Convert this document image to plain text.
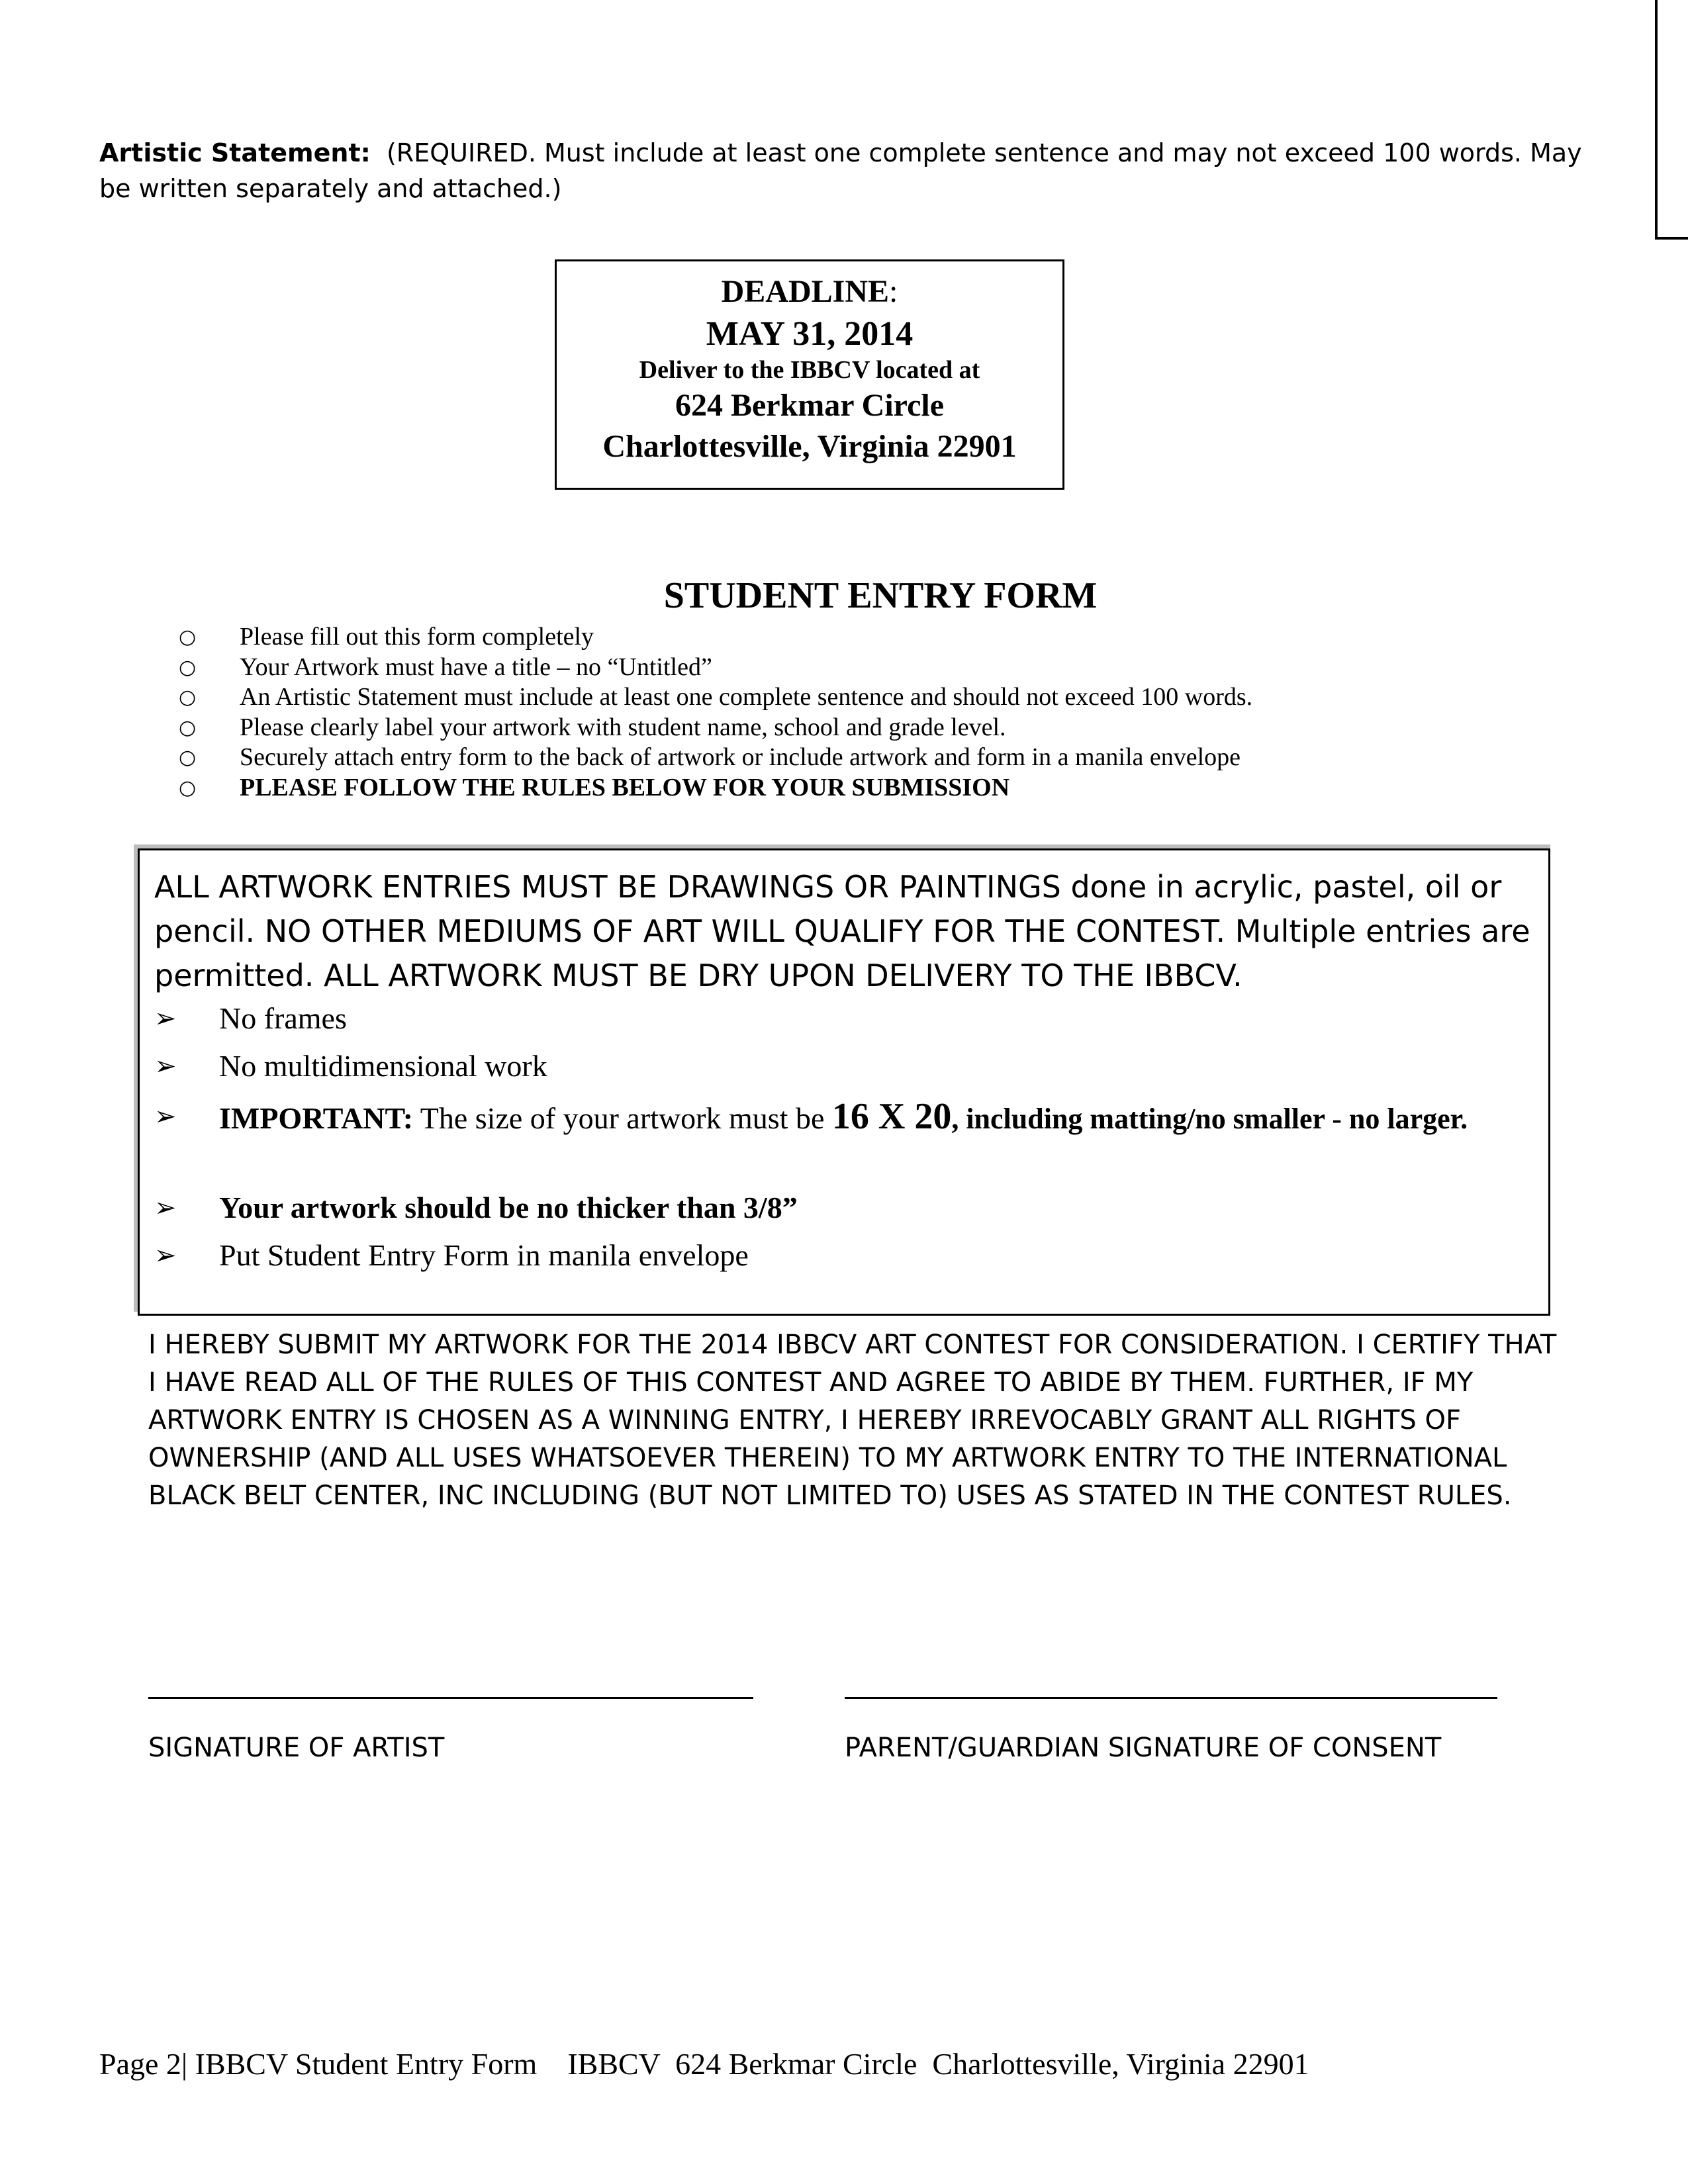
Artistic Statement: (REQUIRED. Must include at least one complete sentence and may not exceed 100 words. May be written separately and attached.)
DEADLINE:
MAY 31, 2014
Deliver to the IBBCV located at
624 Berkmar Circle
Charlottesville, Virginia 22901
STUDENT ENTRY FORM
○ Please fill out this form completely
○ Your Artwork must have a title – no “Untitled”
○ An Artistic Statement must include at least one complete sentence and should not exceed 100 words.
○ Please clearly label your artwork with student name, school and grade level.
○ Securely attach entry form to the back of artwork or include artwork and form in a manila envelope
○ PLEASE FOLLOW THE RULES BELOW FOR YOUR SUBMISSION
ALL ARTWORK ENTRIES MUST BE DRAWINGS OR PAINTINGS done in acrylic, pastel, oil or pencil. NO OTHER MEDIUMS OF ART WILL QUALIFY FOR THE CONTEST. Multiple entries are permitted. ALL ARTWORK MUST BE DRY UPON DELIVERY TO THE IBBCV.
➢ No frames
➢ No multidimensional work
➢ IMPORTANT: The size of your artwork must be 16 X 20, including matting/no smaller - no larger.
➢ Your artwork should be no thicker than 3/8”
➢ Put Student Entry Form in manila envelope
I HEREBY SUBMIT MY ARTWORK FOR THE 2014 IBBCV ART CONTEST FOR CONSIDERATION. I CERTIFY THAT I HAVE READ ALL OF THE RULES OF THIS CONTEST AND AGREE TO ABIDE BY THEM. FURTHER, IF MY ARTWORK ENTRY IS CHOSEN AS A WINNING ENTRY, I HEREBY IRREVOCABLY GRANT ALL RIGHTS OF OWNERSHIP (AND ALL USES WHATSOEVER THEREIN) TO MY ARTWORK ENTRY TO THE INTERNATIONAL BLACK BELT CENTER, INC INCLUDING (BUT NOT LIMITED TO) USES AS STATED IN THE CONTEST RULES.
SIGNATURE OF ARTIST	PARENT/GUARDIAN SIGNATURE OF CONSENT
Page 2| IBBCV Student Entry Form    IBBCV  624 Berkmar Circle  Charlottesville, Virginia 22901
